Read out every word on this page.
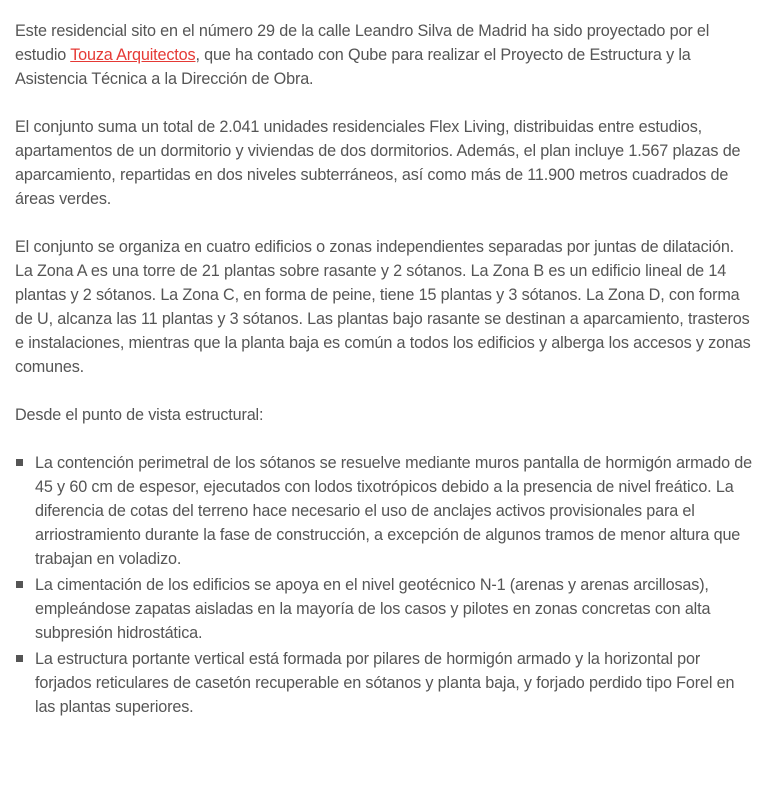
Este residencial sito en el número 29 de la calle Leandro Silva de Madrid ha sido proyectado por el estudio Touza Arquitectos, que ha contado con Qube para realizar el Proyecto de Estructura y la Asistencia Técnica a la Dirección de Obra.

El conjunto suma un total de 2.041 unidades residenciales Flex Living, distribuidas entre estudios, apartamentos de un dormitorio y viviendas de dos dormitorios. Además, el plan incluye 1.567 plazas de aparcamiento, repartidas en dos niveles subterráneos, así como más de 11.900 metros cuadrados de áreas verdes.

El conjunto se organiza en cuatro edificios o zonas independientes separadas por juntas de dilatación. La Zona A es una torre de 21 plantas sobre rasante y 2 sótanos. La Zona B es un edificio lineal de 14 plantas y 2 sótanos. La Zona C, en forma de peine, tiene 15 plantas y 3 sótanos. La Zona D, con forma de U, alcanza las 11 plantas y 3 sótanos. Las plantas bajo rasante se destinan a aparcamiento, trasteros e instalaciones, mientras que la planta baja es común a todos los edificios y alberga los accesos y zonas comunes.

Desde el punto de vista estructural:

La contención perimetral de los sótanos se resuelve mediante muros pantalla de hormigón armado de 45 y 60 cm de espesor, ejecutados con lodos tixotrópicos debido a la presencia de nivel freático. La diferencia de cotas del terreno hace necesario el uso de anclajes activos provisionales para el arriostramiento durante la fase de construcción, a excepción de algunos tramos de menor altura que trabajan en voladizo.
La cimentación de los edificios se apoya en el nivel geotécnico N-1 (arenas y arenas arcillosas), empleándose zapatas aisladas en la mayoría de los casos y pilotes en zonas concretas con alta subpresión hidrostática.
La estructura portante vertical está formada por pilares de hormigón armado y la horizontal por forjados reticulares de casetón recuperable en sótanos y planta baja, y forjado perdido tipo Forel en las plantas superiores.
